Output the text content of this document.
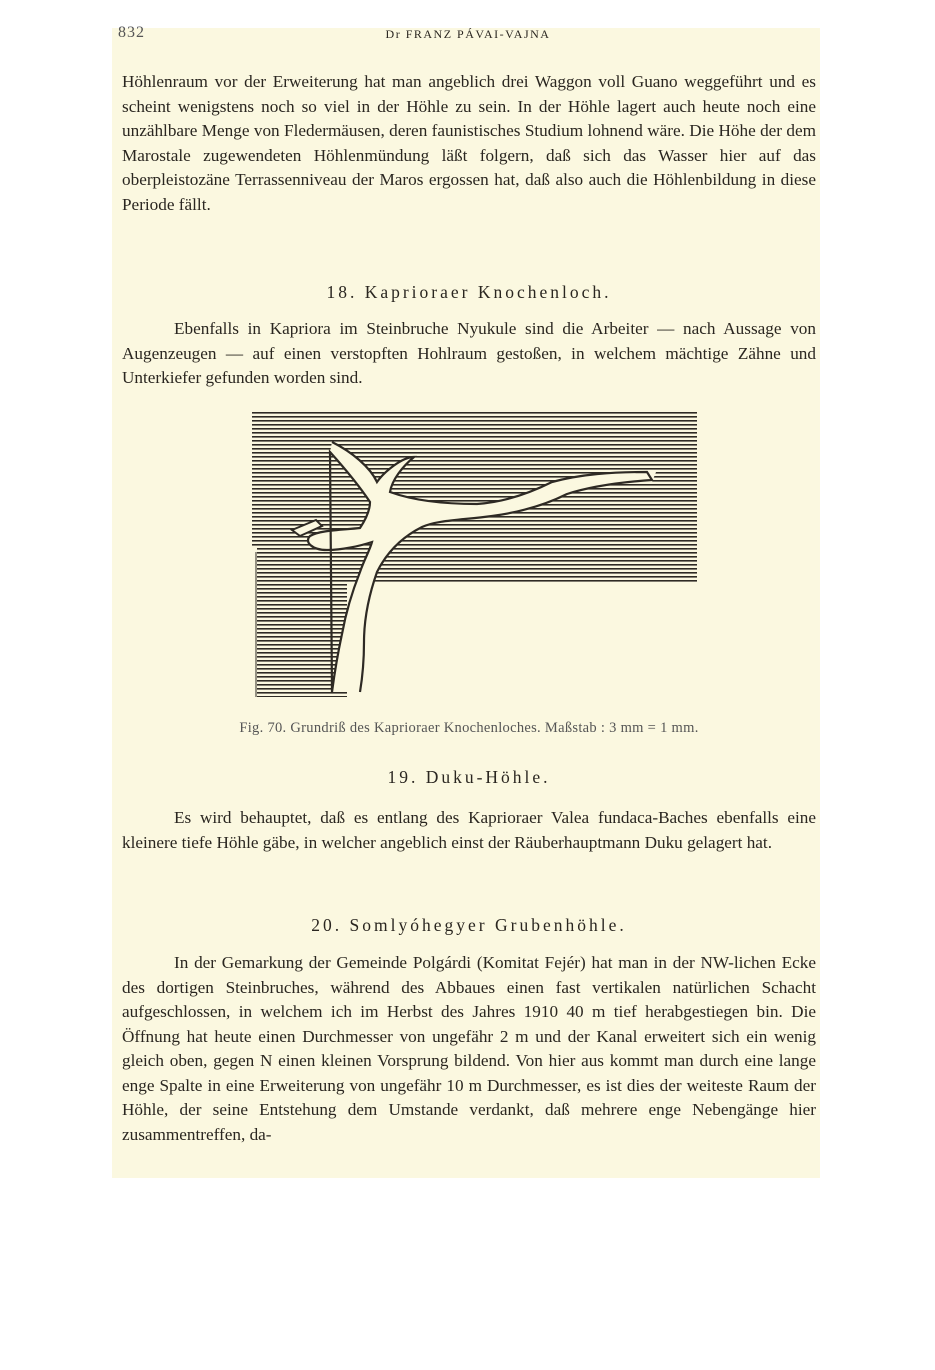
832	Dr FRANZ PÁVAI-VAJNA

Höhlenraum vor der Erweiterung hat man angeblich drei Waggon voll Guano weggeführt und es scheint wenigstens noch so viel in der Höhle zu sein. In der Höhle lagert auch heute noch eine unzählbare Menge von Fledermäusen, deren faunistisches Studium lohnend wäre. Die Höhe der dem Marostale zugewendeten Höhlenmündung läßt folgern, daß sich das Wasser hier auf das oberpleistozäne Terrassenniveau der Maros ergossen hat, daß also auch die Höhlenbildung in diese Periode fällt.

18. Kaprioraer Knochenloch.

Ebenfalls in Kapriora im Steinbruche Nyukule sind die Arbeiter — nach Aussage von Augenzeugen — auf einen verstopften Hohlraum gestoßen, in welchem mächtige Zähne und Unterkiefer gefunden worden sind.

Fig. 70. Grundriß des Kaprioraer Knochenloches. Maßstab : 3 mm = 1 mm.

19. Duku-Höhle.

Es wird behauptet, daß es entlang des Kaprioraer Valea fundaca-Baches ebenfalls eine kleinere tiefe Höhle gäbe, in welcher angeblich einst der Räuberhauptmann Duku gelagert hat.

20. Somlyóhegyer Grubenhöhle.

In der Gemarkung der Gemeinde Polgárdi (Komitat Fejér) hat man in der NW-lichen Ecke des dortigen Steinbruches, während des Abbaues einen fast vertikalen natürlichen Schacht aufgeschlossen, in welchem ich im Herbst des Jahres 1910 40 m tief herabgestiegen bin. Die Öffnung hat heute einen Durchmesser von ungefähr 2 m und der Kanal erweitert sich ein wenig gleich oben, gegen N einen kleinen Vorsprung bildend. Von hier aus kommt man durch eine lange enge Spalte in eine Erweiterung von ungefähr 10 m Durchmesser, es ist dies der weiteste Raum der Höhle, der seine Entstehung dem Umstande verdankt, daß mehrere enge Nebengänge hier zusammentreffen, da-
